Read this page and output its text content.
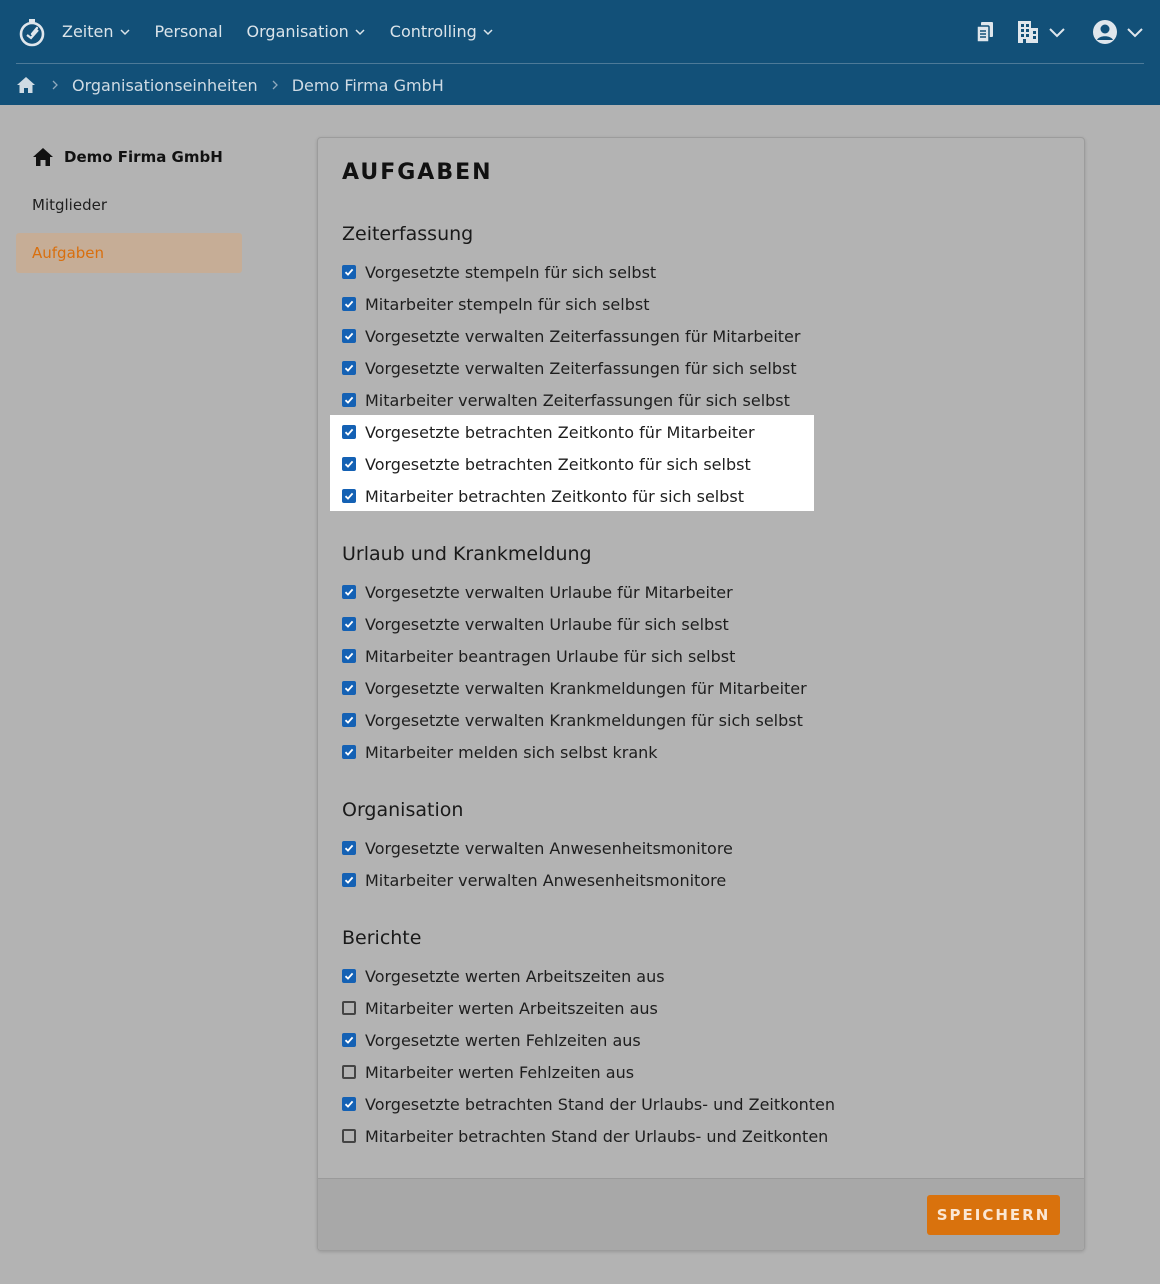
Zeiten	Personal Organisation	Controlling
Organisationseinheiten Demo Firma GmbH
Demo Firma GmbH
Mitglieder
Aufgaben
AUFGABEN
Zeiterfassung
Vorgesetzte stempeln für sich selbst
Mitarbeiter stempeln für sich selbst
Vorgesetzte verwalten Zeiterfassungen für Mitarbeiter
Vorgesetzte verwalten Zeiterfassungen für sich selbst
Mitarbeiter verwalten Zeiterfassungen für sich selbst
Vorgesetzte betrachten Zeitkonto für Mitarbeiter
Vorgesetzte betrachten Zeitkonto für sich selbst
Mitarbeiter betrachten Zeitkonto für sich selbst
Urlaub und Krankmeldung
Vorgesetzte verwalten Urlaube für Mitarbeiter
Vorgesetzte verwalten Urlaube für sich selbst
Mitarbeiter beantragen Urlaube für sich selbst
Vorgesetzte verwalten Krankmeldungen für Mitarbeiter
Vorgesetzte verwalten Krankmeldungen für sich selbst
Mitarbeiter melden sich selbst krank
Organisation
Vorgesetzte verwalten Anwesenheitsmonitore
Mitarbeiter verwalten Anwesenheitsmonitore
Berichte
Vorgesetzte werten Arbeitszeiten aus
Mitarbeiter werten Arbeitszeiten aus
Vorgesetzte werten Fehlzeiten aus
Mitarbeiter werten Fehlzeiten aus
Vorgesetzte betrachten Stand der Urlaubs- und Zeitkonten
Mitarbeiter betrachten Stand der Urlaubs- und Zeitkonten
SPEICHERN
